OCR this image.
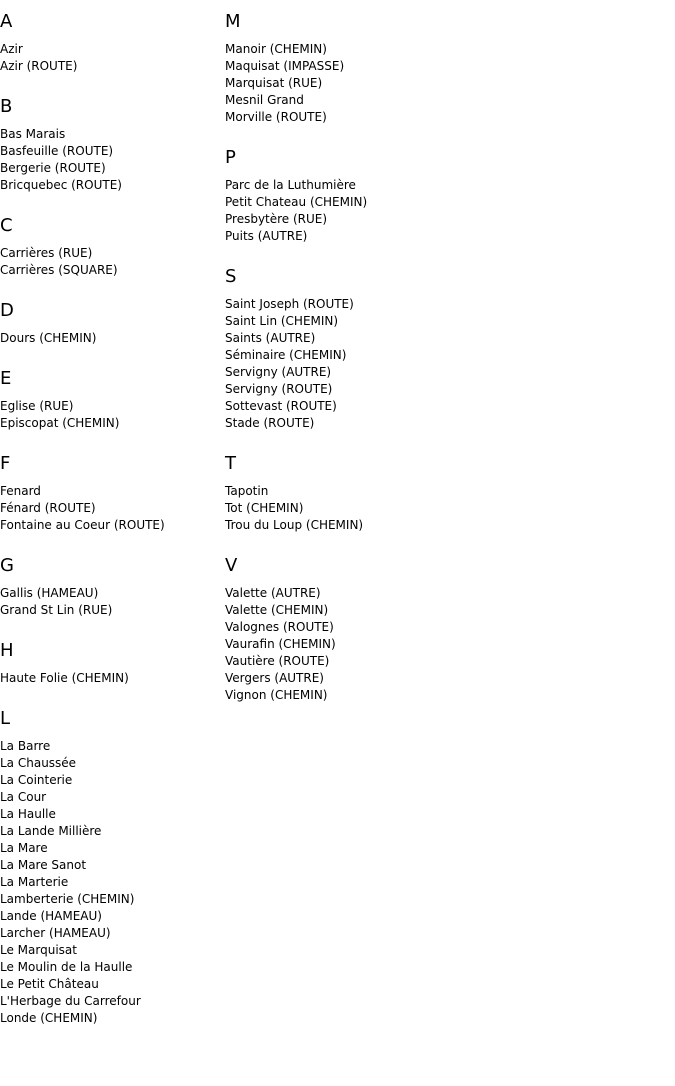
A
Azir
Azir (ROUTE)
B
Bas Marais
Basfeuille (ROUTE)
Bergerie (ROUTE)
Bricquebec (ROUTE)
C
Carrières (RUE)
Carrières (SQUARE)
D
Dours (CHEMIN)
E
Eglise (RUE)
Episcopat (CHEMIN)
F
Fenard
Fénard (ROUTE)
Fontaine au Coeur (ROUTE)
G
Gallis (HAMEAU)
Grand St Lin (RUE)
H
Haute Folie (CHEMIN)
L
La Barre
La Chaussée
La Cointerie
La Cour
La Haulle
La Lande Millière
La Mare
La Mare Sanot
La Marterie
Lamberterie (CHEMIN)
Lande (HAMEAU)
Larcher (HAMEAU)
Le Marquisat
Le Moulin de la Haulle
Le Petit Château
L'Herbage du Carrefour
Londe (CHEMIN)
M
Manoir (CHEMIN)
Maquisat (IMPASSE)
Marquisat (RUE)
Mesnil Grand
Morville (ROUTE)
P
Parc de la Luthumière
Petit Chateau (CHEMIN)
Presbytère (RUE)
Puits (AUTRE)
S
Saint Joseph (ROUTE)
Saint Lin (CHEMIN)
Saints (AUTRE)
Séminaire (CHEMIN)
Servigny (AUTRE)
Servigny (ROUTE)
Sottevast (ROUTE)
Stade (ROUTE)
T
Tapotin
Tot (CHEMIN)
Trou du Loup (CHEMIN)
V
Valette (AUTRE)
Valette (CHEMIN)
Valognes (ROUTE)
Vaurafin (CHEMIN)
Vautière (ROUTE)
Vergers (AUTRE)
Vignon (CHEMIN)
